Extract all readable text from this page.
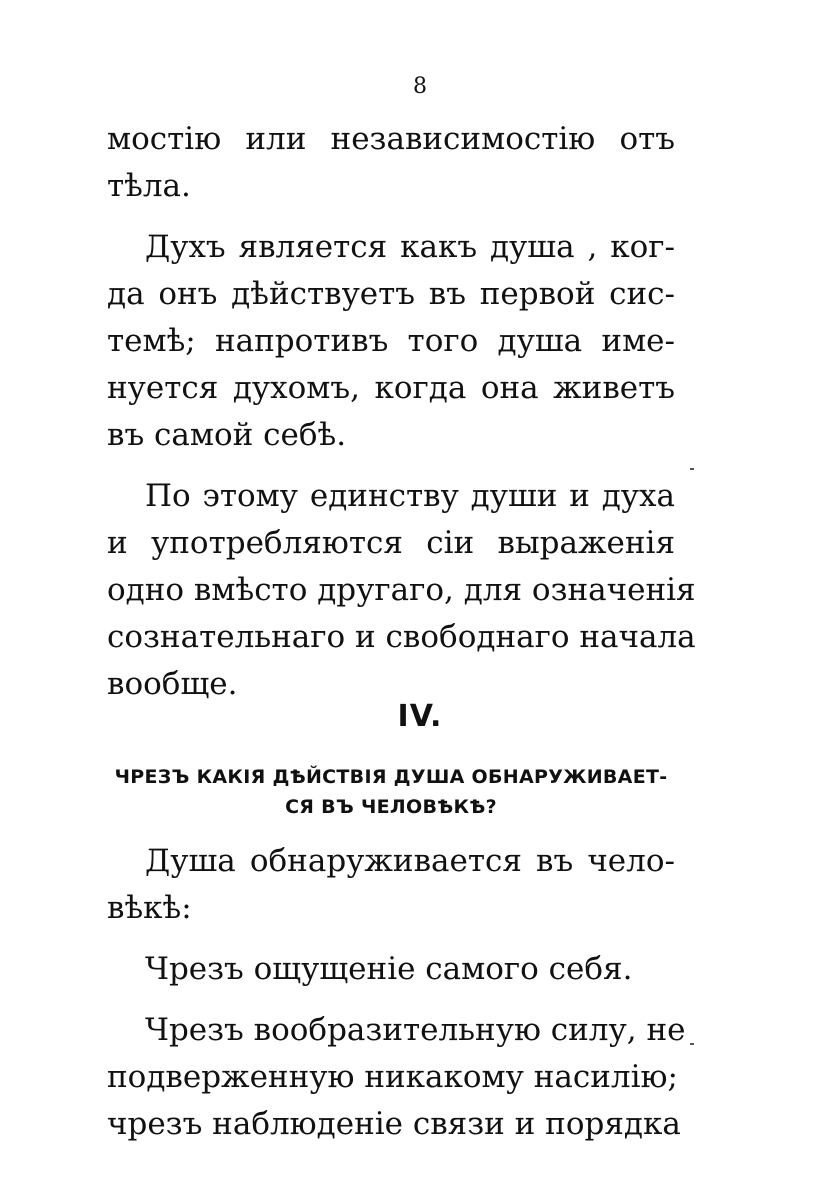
8
мостію или независимостію отъ
тѣла.
Духъ является какъ душа , ког-
да онъ дѣйствуетъ въ первой сис-
темѣ; напротивъ того душа име-
нуется духомъ, когда она живетъ
въ самой себѣ.
По этому единству души и духа
и употребляются сіи выраженія
одно вмѣсто другаго, для означенія
сознательнаго и свободнаго начала
вообще.
IV.
ЧРЕЗЪ КАКІЯ ДѢЙСТВІЯ ДУША ОБНАРУЖИВАЕТ-
СЯ ВЪ ЧЕЛОВѢКѢ?
Душа обнаруживается въ чело-
вѣкѣ:
Чрезъ ощущеніе самого себя.
Чрезъ вообразительную силу, не
подверженную никакому насилію;
чрезъ наблюденіе связи и порядка
